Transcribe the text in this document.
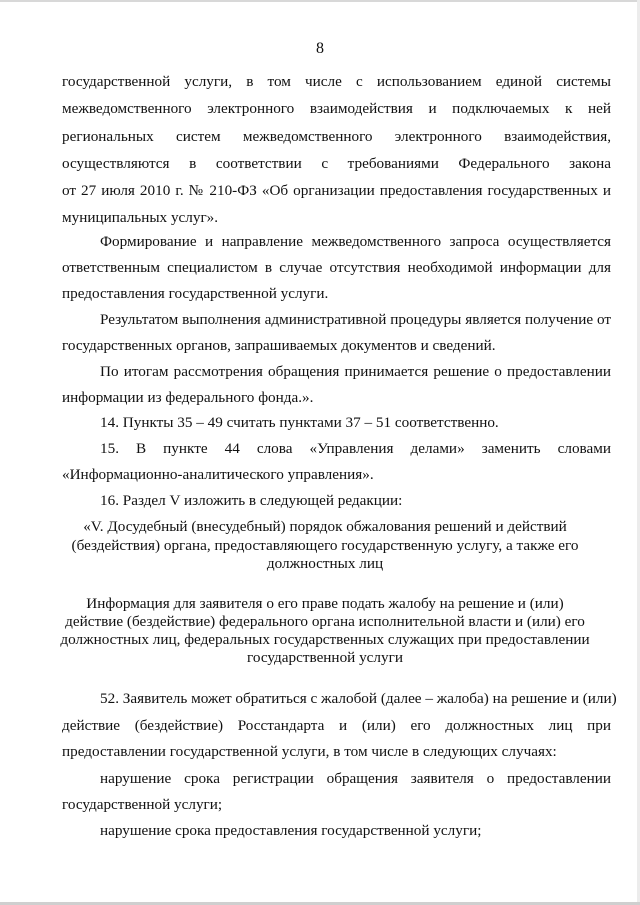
8
государственной услуги, в том числе с использованием единой системы
межведомственного электронного взаимодействия и подключаемых к ней
региональных систем межведомственного электронного взаимодействия,
осуществляются в соответствии с требованиями Федерального закона
от 27 июля 2010 г. № 210-ФЗ «Об организации предоставления государственных и
муниципальных услуг».
Формирование и направление межведомственного запроса осуществляется
ответственным специалистом в случае отсутствия необходимой информации для
предоставления государственной услуги.
Результатом выполнения административной процедуры является получение от
государственных органов, запрашиваемых документов и сведений.
По итогам рассмотрения обращения принимается решение о предоставлении
информации из федерального фонда.».
14. Пункты 35 – 49 считать пунктами 37 – 51 соответственно.
15. В пункте 44 слова «Управления делами» заменить словами
«Информационно-аналитического управления».
16. Раздел V изложить в следующей редакции:
«V. Досудебный (внесудебный) порядок обжалования решений и действий
(бездействия) органа, предоставляющего государственную услугу, а также его
должностных лиц
Информация для заявителя о его праве подать жалобу на решение и (или)
действие (бездействие) федерального органа исполнительной власти и (или) его
должностных лиц, федеральных государственных служащих при предоставлении
государственной услуги
52. Заявитель может обратиться с жалобой (далее – жалоба) на решение и (или)
действие (бездействие) Росстандарта и (или) его должностных лиц при
предоставлении государственной услуги, в том числе в следующих случаях:
нарушение срока регистрации обращения заявителя о предоставлении
государственной услуги;
нарушение срока предоставления государственной услуги;
